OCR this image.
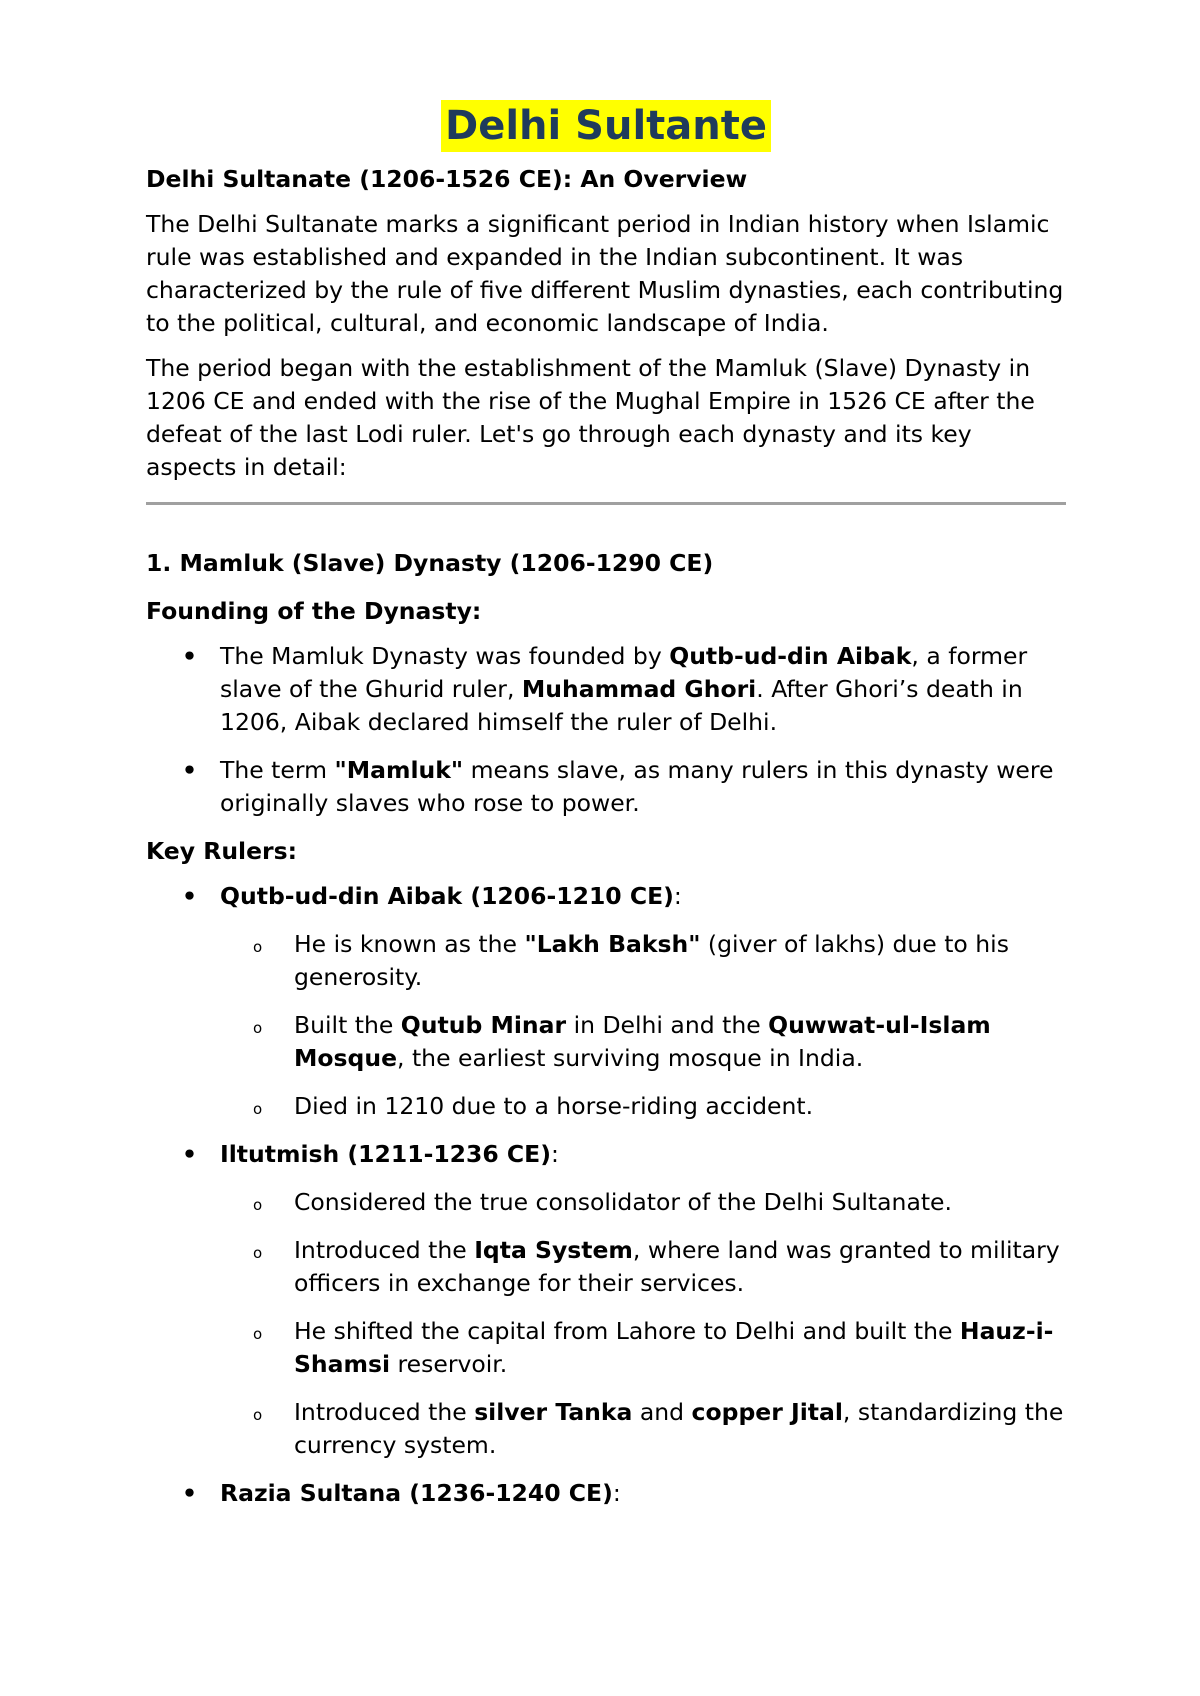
Delhi Sultante
Delhi Sultanate (1206-1526 CE): An Overview

The Delhi Sultanate marks a significant period in Indian history when Islamic rule was established and expanded in the Indian subcontinent. It was characterized by the rule of five different Muslim dynasties, each contributing to the political, cultural, and economic landscape of India.

The period began with the establishment of the Mamluk (Slave) Dynasty in 1206 CE and ended with the rise of the Mughal Empire in 1526 CE after the defeat of the last Lodi ruler. Let's go through each dynasty and its key aspects in detail:

1. Mamluk (Slave) Dynasty (1206-1290 CE)
Founding of the Dynasty:
• The Mamluk Dynasty was founded by Qutb-ud-din Aibak, a former slave of the Ghurid ruler, Muhammad Ghori. After Ghori’s death in 1206, Aibak declared himself the ruler of Delhi.
• The term "Mamluk" means slave, as many rulers in this dynasty were originally slaves who rose to power.
Key Rulers:
• Qutb-ud-din Aibak (1206-1210 CE):
o He is known as the "Lakh Baksh" (giver of lakhs) due to his generosity.
o Built the Qutub Minar in Delhi and the Quwwat-ul-Islam Mosque, the earliest surviving mosque in India.
o Died in 1210 due to a horse-riding accident.
• Iltutmish (1211-1236 CE):
o Considered the true consolidator of the Delhi Sultanate.
o Introduced the Iqta System, where land was granted to military officers in exchange for their services.
o He shifted the capital from Lahore to Delhi and built the Hauz-i-Shamsi reservoir.
o Introduced the silver Tanka and copper Jital, standardizing the currency system.
• Razia Sultana (1236-1240 CE):
